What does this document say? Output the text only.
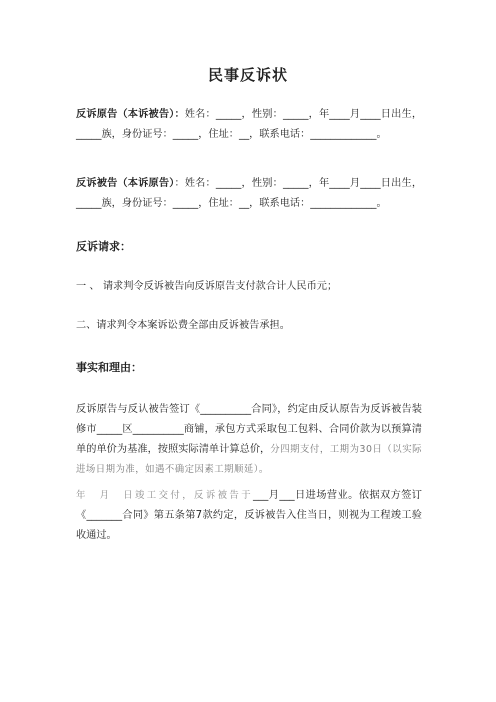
民事反诉状
反诉原告（本诉被告）：姓名：_____，性别：_____，年____月____日出生，_____族，身份证号：_____，住址：__，联系电话：_____________。
反诉被告（本诉原告）：姓名：_____，性别：_____，年____月____日出生，_____族，身份证号：_____，住址：__，联系电话：_____________。
反诉请求：
一 、 请求判令反诉被告向反诉原告支付款合计人民币元；
二、请求判令本案诉讼费全部由反诉被告承担。
事实和理由：
反诉原告与反认被告签订《__________合同》，约定由反认原告为反诉被告装修市_____区__________商铺，承包方式采取包工包料、合同价款为以预算清单的单价为基准，按照实际清单计算总价，分四期支付，工期为30日（以实际进场日期为准，如遇不确定因素工期顺延）。
年　月　日竣工交付，反诉被告于___月___日进场营业。依据双方签订《_______合同》第五条第7款约定，反诉被告入住当日，则视为工程竣工验收通过。
